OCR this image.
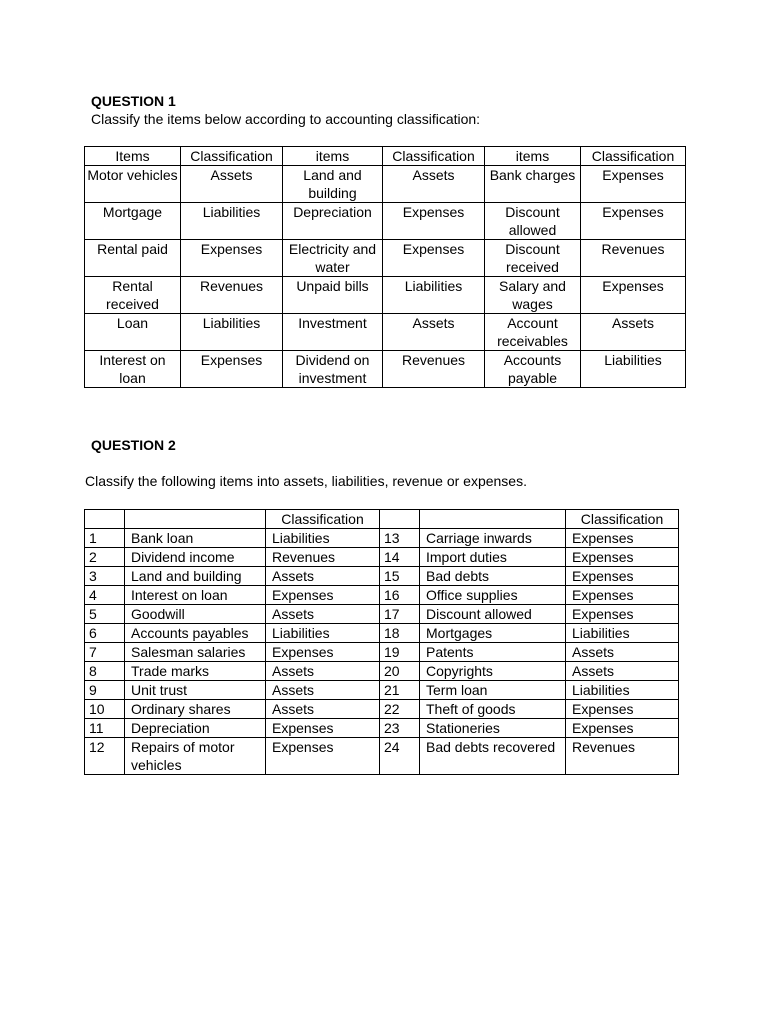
QUESTION 1

Classify the items below according to accounting classification:

Items	Classification	items	Classification	items	Classification
Motor vehicles	Assets	Land and building	Assets	Bank charges	Expenses
Mortgage	Liabilities	Depreciation	Expenses	Discount allowed	Expenses
Rental paid	Expenses	Electricity and water	Expenses	Discount received	Revenues
Rental received	Revenues	Unpaid bills	Liabilities	Salary and wages	Expenses
Loan	Liabilities	Investment	Assets	Account receivables	Assets
Interest on loan	Expenses	Dividend on investment	Revenues	Accounts payable	Liabilities
QUESTION 2

Classify the following items into assets, liabilities, revenue or expenses.

		Classification			Classification
1	Bank loan	Liabilities	13	Carriage inwards	Expenses
2	Dividend income	Revenues	14	Import duties	Expenses
3	Land and building	Assets	15	Bad debts	Expenses
4	Interest on loan	Expenses	16	Office supplies	Expenses
5	Goodwill	Assets	17	Discount allowed	Expenses
6	Accounts payables	Liabilities	18	Mortgages	Liabilities
7	Salesman salaries	Expenses	19	Patents	Assets
8	Trade marks	Assets	20	Copyrights	Assets
9	Unit trust	Assets	21	Term loan	Liabilities
10	Ordinary shares	Assets	22	Theft of goods	Expenses
11	Depreciation	Expenses	23	Stationeries	Expenses
12	Repairs of motor vehicles	Expenses	24	Bad debts recovered	Revenues
